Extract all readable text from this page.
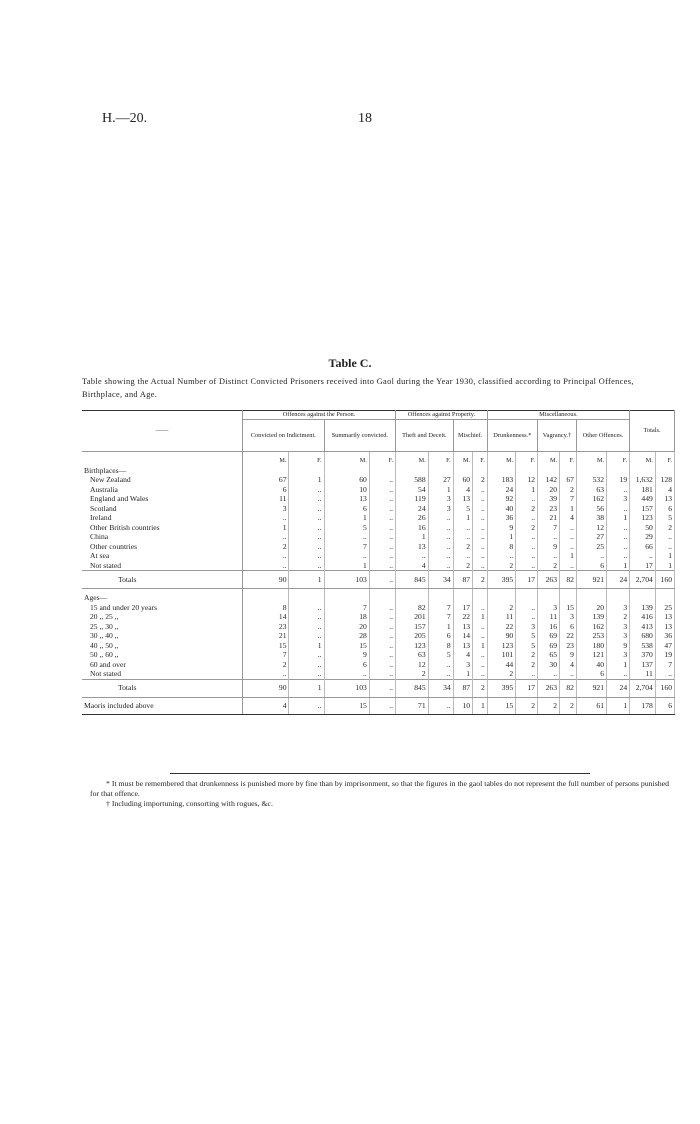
H.—20.	18
Table C.
Table showing the Actual Number of Distinct Convicted Prisoners received into Gaol during the Year 1930, classified according to Principal Offences, Birthplace, and Age.
——	Offences against the Person.				Offences against Property.				Miscellaneous.						Totals.	
	Convicted on Indictment.		Summarily convicted.		Theft and Deceit.		Mischief.		Drunkenness.*		Vagrancy.†		Other Offences.			

	M.	F.	M.	F.	M.	F.	M.	F.	M.	F.	M.	F.	M.	F.	M.	F.
Birthplaces—																
New Zealand	67	1	60	..	588	27	60	2	183	12	142	67	532	19	1,632	128
Australia	6	..	10	..	54	1	4	..	24	1	20	2	63	..	181	4
England and Wales	11	..	13	..	119	3	13	..	92	..	39	7	162	3	449	13
Scotland	3	..	6	..	24	3	5	..	40	2	23	1	56	..	157	6
Ireland	..	..	1	..	26	..	1	..	36	..	21	4	38	1	123	5
Other British countries	1	..	5	..	16	..	..	..	9	2	7	..	12	..	50	2
China	..	..	..	..	1	..	..	..	1	..	..	..	27	..	29	..
Other countries	2	..	7	..	13	..	2	..	8	..	9	..	25	..	66	..
At sea	..	..	..	..	..	..	..	..	..	..	..	1	..	..	..	1
Not stated	..	..	1	..	4	..	2	..	2	..	2	..	6	1	17	1
Totals	90	1	103	..	845	34	87	2	395	17	263	82	921	24	2,704	160

Ages—																
15 and under 20 years	8	..	7	..	82	7	17	..	2	..	3	15	20	3	139	25
20 ,, 25 ,,	14	..	18	..	201	7	22	1	11	..	11	3	139	2	416	13
25 ,, 30 ,,	23	..	20	..	157	1	13	..	22	3	16	6	162	3	413	13
30 ,, 40 ,,	21	..	28	..	205	6	14	..	90	5	69	22	253	3	680	36
40 ,, 50 ,,	15	1	15	..	123	8	13	1	123	5	69	23	180	9	538	47
50 ,, 60 ,,	7	..	9	..	63	5	4	..	101	2	65	9	121	3	370	19
60 and over	2	..	6	..	12	..	3	..	44	2	30	4	40	1	137	7
Not stated	..	..	..	..	2	..	1	..	2	..	..	..	6	..	11	..
Totals	90	1	103	..	845	34	87	2	395	17	263	82	921	24	2,704	160
Maoris included above	4	..	15	..	71	..	10	1	15	2	2	2	61	1	178	6

* It must be remembered that drunkenness is punished more by fine than by imprisonment, so that the figures in the gaol tables do not represent the full number of persons punished for that offence.

† Including importuning, consorting with rogues, &c.
